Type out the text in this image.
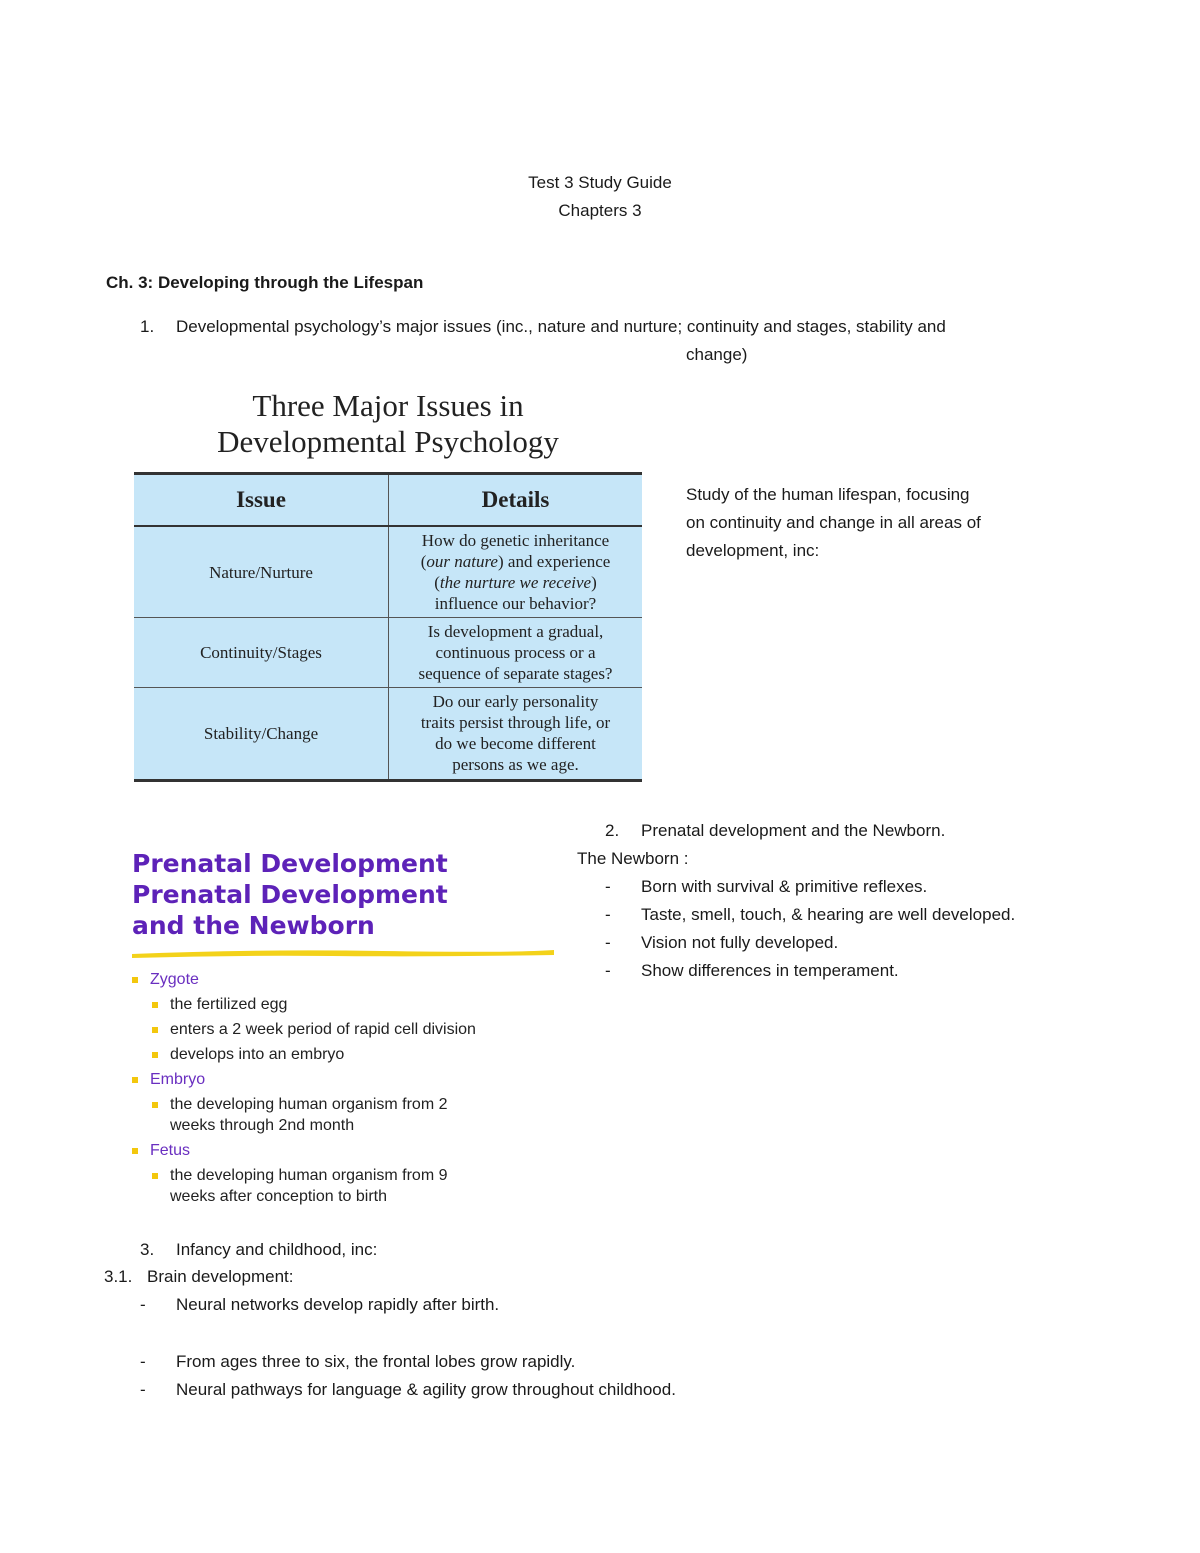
Test 3 Study Guide
Chapters 3
Ch. 3: Developing through the Lifespan
1. Developmental psychology’s major issues (inc., nature and nurture; continuity and stages, stability and
change)
Three Major Issues in
Developmental Psychology
Issue	Details
Nature/Nurture	How do genetic inheritance
(our nature) and experience
(the nurture we receive)
influence our behavior?

Continuity/Stages	Is development a gradual,
continuous process or a
sequence of separate stages?

Stability/Change	Do our early personality
traits persist through life, or
do we become different
persons as we age.
Study of the human lifespan, focusing
on continuity and change in all areas of
development, inc:
Prenatal Development
Prenatal Development
and the Newborn
Zygote
the fertilized egg
enters a 2 week period of rapid cell division
develops into an embryo
Embryo
the developing human organism from 2
weeks through 2nd month
Fetus
the developing human organism from 9
weeks after conception to birth
2. Prenatal development and the Newborn.
The Newborn :
- Born with survival & primitive reflexes.
- Taste, smell, touch, & hearing are well developed.
- Vision not fully developed.
- Show differences in temperament.
3. Infancy and childhood, inc:
3.1. Brain development:
- Neural networks develop rapidly after birth.
- From ages three to six, the frontal lobes grow rapidly.
- Neural pathways for language & agility grow throughout childhood.
